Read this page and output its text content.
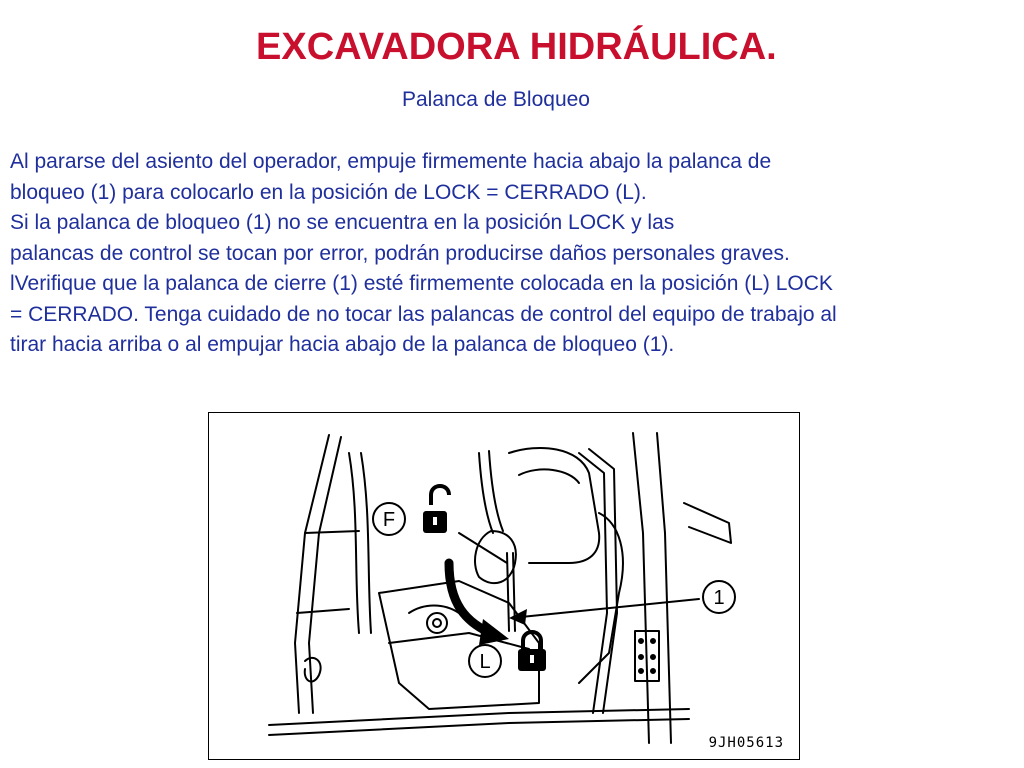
EXCAVADORA HIDRÁULICA.
Palanca de Bloqueo
Al pararse del asiento del operador, empuje firmemente hacia abajo la palanca de
bloqueo (1) para colocarlo en la posición de LOCK = CERRADO (L).
Si la palanca de bloqueo (1) no se encuentra en la posición LOCK y las
palancas de control se tocan por error, podrán producirse daños personales graves.
lVerifique que la palanca de cierre (1) esté firmemente colocada en la posición (L) LOCK
= CERRADO. Tenga cuidado de no tocar las palancas de control del equipo de trabajo al
tirar hacia arriba o al empujar hacia abajo de la palanca de bloqueo (1).
F
L
1
9JH05613
